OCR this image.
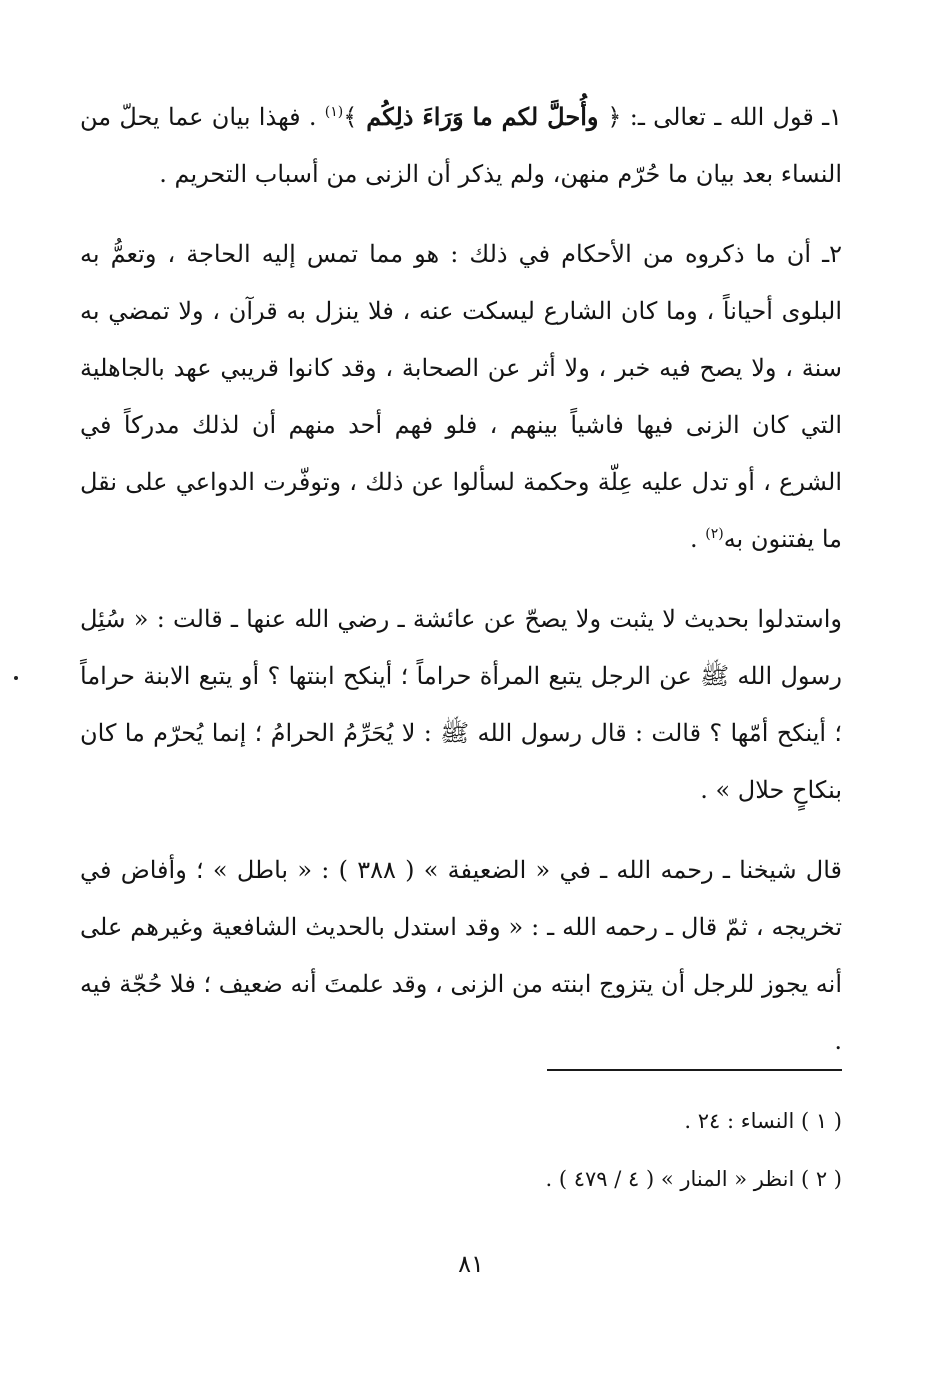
١ـ قول الله ـ تعالى ـ: ﴿ وأُحلَّ لكم ما وَرَاءَ ذلِكُم ﴾$^{(١)}$ . فهذا بيان عما يحلّ من النساء بعد بيان ما حُرّم منهن، ولم يذكر أن الزنى من أسباب التحريم .

٢ـ أن ما ذكروه من الأحكام في ذلك : هو مما تمس إليه الحاجة ، وتعمُّ به البلوى أحياناً ، وما كان الشارع ليسكت عنه ، فلا ينزل به قرآن ، ولا تمضي به سنة ، ولا يصح فيه خبر ، ولا أثر عن الصحابة ، وقد كانوا قريبي عهد بالجاهلية التي كان الزنى فيها فاشياً بينهم ، فلو فهم أحد منهم أن لذلك مدركاً في الشرع ، أو تدل عليه عِلّة وحكمة لسألوا عن ذلك ، وتوفّرت الدواعي على نقل ما يفتنون به$^{(٢)}$ .

واستدلوا بحديث لا يثبت ولا يصحّ عن عائشة ـ رضي الله عنها ـ قالت : « سُئِل رسول الله ﷺ عن الرجل يتبع المرأة حراماً ؛ أينكح ابنتها ؟ أو يتبع الابنة حراماً ؛ أينكح أمّها ؟ قالت : قال رسول الله ﷺ : لا يُحَرِّمُ الحرامُ ؛ إنما يُحرّم ما كان بنكاحٍ حلال » .

قال شيخنا ـ رحمه الله ـ في « الضعيفة » ( ٣٨٨ ) : « باطل » ؛ وأفاض في تخريجه ، ثمّ قال ـ رحمه الله ـ : « وقد استدل بالحديث الشافعية وغيرهم على أنه يجوز للرجل أن يتزوج ابنته من الزنى ، وقد علمتَ أنه ضعيف ؛ فلا حُجّة فيه .

( ١ ) النساء : ٢٤ .

( ٢ ) انظر « المنار » ( ٤ / ٤٧٩ ) .

٨١
